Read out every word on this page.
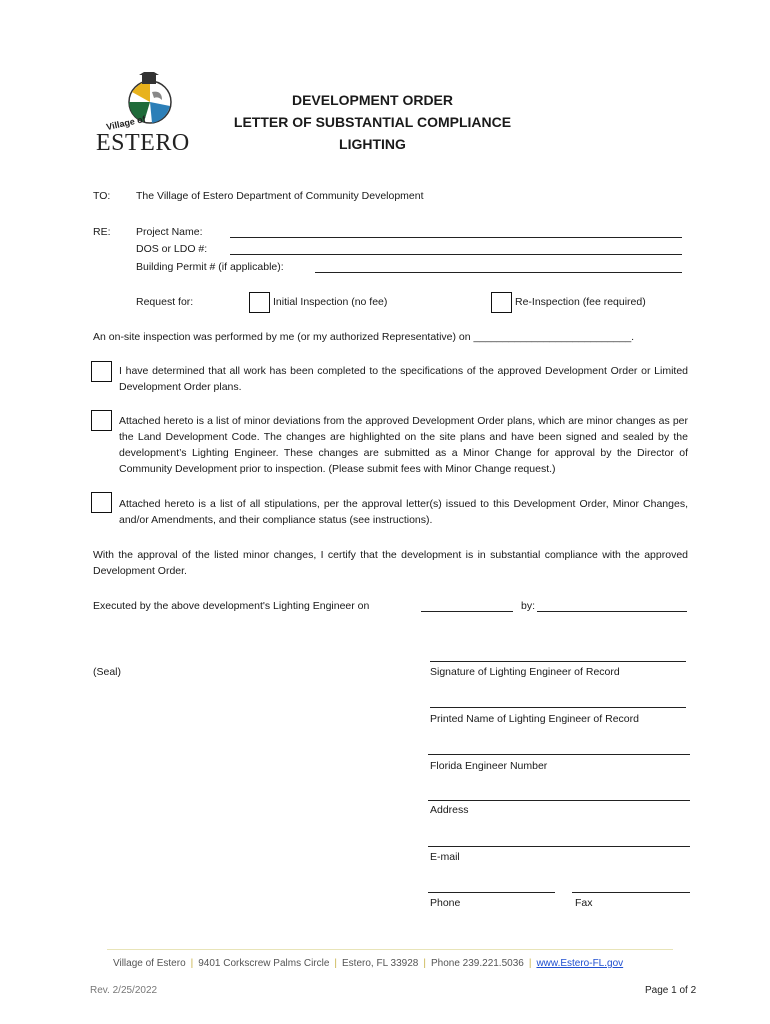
Village of
ESTERO
DEVELOPMENT ORDER
LETTER OF SUBSTANTIAL COMPLIANCE
LIGHTING
TO: The Village of Estero Department of Community Development
RE: Project Name:
DOS or LDO #:
Building Permit # (if applicable):
Request for:	Initial Inspection (no fee)	Re-Inspection (fee required)
An on-site inspection was performed by me (or my authorized Representative) on ___________________________.
I have determined that all work has been completed to the specifications of the approved Development Order or Limited Development Order plans.
Attached hereto is a list of minor deviations from the approved Development Order plans, which are minor changes as per the Land Development Code. The changes are highlighted on the site plans and have been signed and sealed by the development’s Lighting Engineer. These changes are submitted as a Minor Change for approval by the Director of Community Development prior to inspection. (Please submit fees with Minor Change request.)
Attached hereto is a list of all stipulations, per the approval letter(s) issued to this Development Order, Minor Changes, and/or Amendments, and their compliance status (see instructions).
With the approval of the listed minor changes, I certify that the development is in substantial compliance with the approved Development Order.
Executed by the above development's Lighting Engineer on	by:
(Seal)	Signature of Lighting Engineer of Record
Printed Name of Lighting Engineer of Record
Florida Engineer Number
Address
E-mail
Phone	Fax
Village of Estero | 9401 Corkscrew Palms Circle | Estero, FL 33928 | Phone 239.221.5036 | www.Estero-FL.gov
Rev. 2/25/2022	Page 1 of 2
